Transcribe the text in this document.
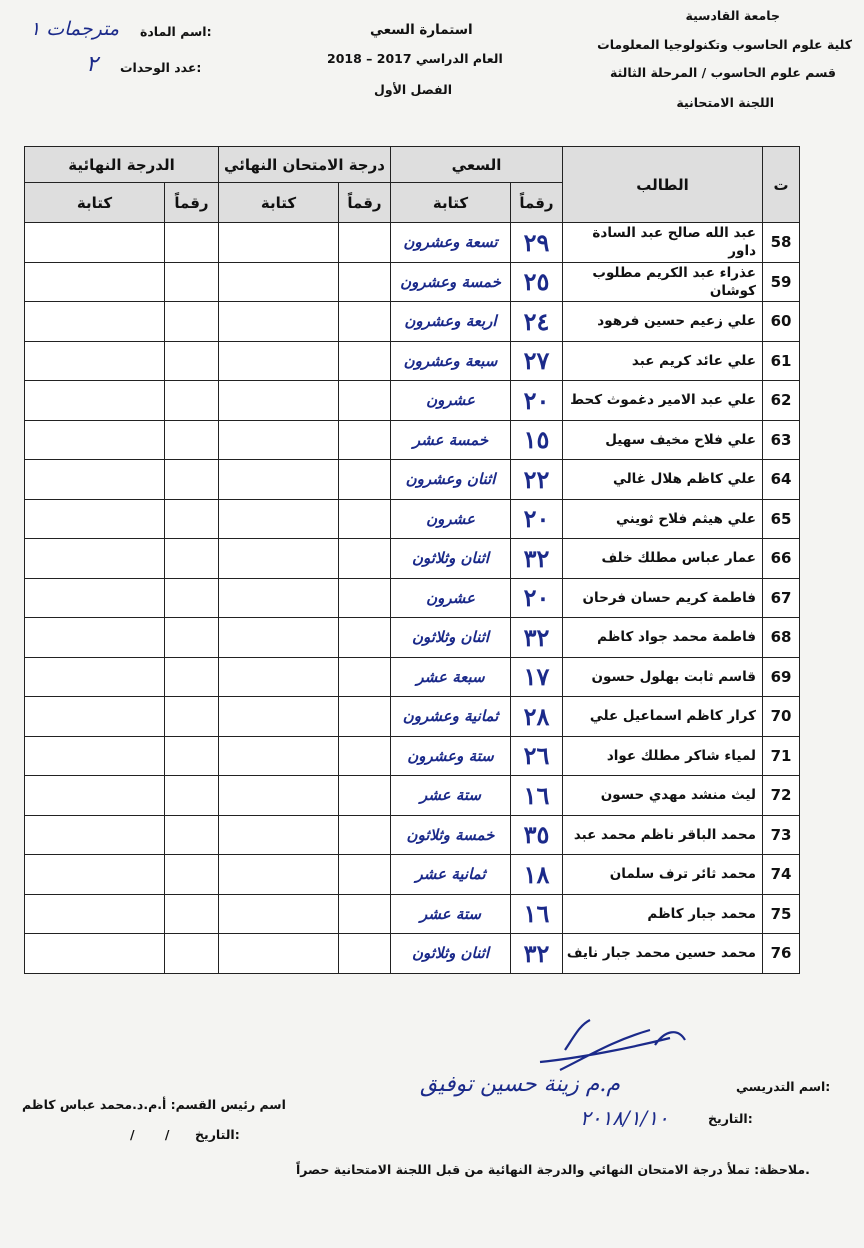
جامعة القادسية
كلية علوم الحاسوب وتكنولوجيا المعلومات
قسم علوم الحاسوب / المرحلة الثالثة
اللجنة الامتحانية
استمارة السعي
العام الدراسي 2017 – 2018
الفصل الأول
اسم المادة:
مترجمات ١
عدد الوحدات:
٢
ت	الطالب	السعي		درجة الامتحان النهائي		الدرجة النهائية	
		رقماً	كتابة	رقماً	كتابة	رقماً	كتابة
58	عبد الله صالح عبد السادة داور	٢٩	تسعة وعشرون				
59	عذراء عبد الكريم مطلوب كوشان	٢٥	خمسة وعشرون				
60	علي زعيم حسين فرهود	٢٤	اربعة وعشرون				
61	علي عائد كريم عبد	٢٧	سبعة وعشرون				
62	علي عبد الامير دغموث كحط	٢٠	عشرون				
63	علي فلاح مخيف سهيل	١٥	خمسة عشر				
64	علي كاظم هلال غالي	٢٢	اثنان وعشرون				
65	علي هيثم فلاح ثويني	٢٠	عشرون				
66	عمار عباس مطلك خلف	٣٢	اثنان وثلاثون				
67	فاطمة كريم حسان فرحان	٢٠	عشرون				
68	فاطمة محمد جواد كاظم	٣٢	اثنان وثلاثون				
69	قاسم ثابت بهلول حسون	١٧	سبعة عشر				
70	كرار كاظم اسماعيل علي	٢٨	ثمانية وعشرون				
71	لمياء شاكر مطلك عواد	٢٦	ستة وعشرون				
72	ليث منشد مهدي حسون	١٦	ستة عشر				
73	محمد الباقر ناظم محمد عبد	٣٥	خمسة وثلاثون				
74	محمد ثائر ترف سلمان	١٨	ثمانية عشر				
75	محمد جبار كاظم	١٦	ستة عشر				
76	محمد حسين محمد جبار نايف	٣٢	اثنان وثلاثون				
اسم التدريسي:
م.م زينة حسين توفيق
اسم رئيس القسم: أ.م.د.محمد عباس كاظم
التاريخ:
٢٠١٨/١/١٠
التاريخ:
/ /
ملاحظة: تملأ درجة الامتحان النهائي والدرجة النهائية من قبل اللجنة الامتحانية حصراً.
